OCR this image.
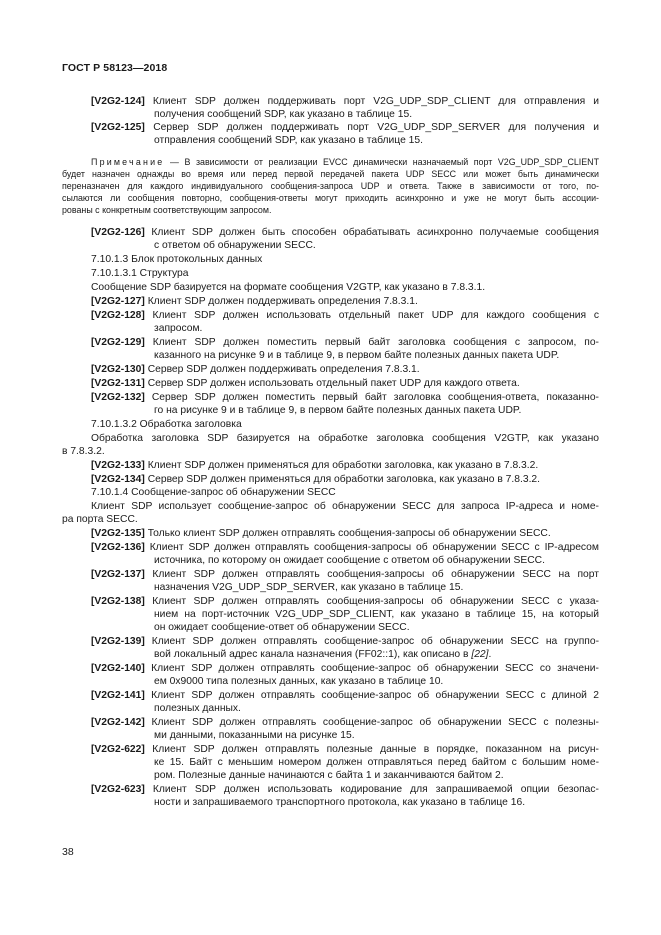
ГОСТ Р 58123—2018
[V2G2-124] Клиент SDP должен поддерживать порт V2G_UDP_SDP_CLIENT для отправления и
получения сообщений SDP, как указано в таблице 15.
[V2G2-125] Сервер SDP должен поддерживать порт V2G_UDP_SDP_SERVER для получения и
отправления сообщений SDP, как указано в таблице 15.
Примечание — В зависимости от реализации EVCC динамически назначаемый порт V2G_UDP_SDP_CLIENT
будет назначен однажды во время или перед первой передачей пакета UDP SECC или может быть динамически
переназначен для каждого индивидуального сообщения-запроса UDP и ответа. Также в зависимости от того, по-
сылаются ли сообщения повторно, сообщения-ответы могут приходить асинхронно и уже не могут быть ассоции-
рованы с конкретным соответствующим запросом.
[V2G2-126] Клиент SDP должен быть способен обрабатывать асинхронно получаемые сообщения
с ответом об обнаружении SECC.
7.10.1.3 Блок протокольных данных
7.10.1.3.1 Структура
Сообщение SDP базируется на формате сообщения V2GTP, как указано в 7.8.3.1.
[V2G2-127] Клиент SDP должен поддерживать определения 7.8.3.1.
[V2G2-128] Клиент SDP должен использовать отдельный пакет UDP для каждого сообщения с
запросом.
[V2G2-129] Клиент SDP должен поместить первый байт заголовка сообщения с запросом, по-
казанного на рисунке 9 и в таблице 9, в первом байте полезных данных пакета UDP.
[V2G2-130] Сервер SDP должен поддерживать определения 7.8.3.1.
[V2G2-131] Сервер SDP должен использовать отдельный пакет UDP для каждого ответа.
[V2G2-132] Сервер SDP должен поместить первый байт заголовка сообщения-ответа, показанно-
го на рисунке 9 и в таблице 9, в первом байте полезных данных пакета UDP.
7.10.1.3.2 Обработка заголовка
Обработка заголовка SDP базируется на обработке заголовка сообщения V2GTP, как указано
в 7.8.3.2.
[V2G2-133] Клиент SDP должен применяться для обработки заголовка, как указано в 7.8.3.2.
[V2G2-134] Сервер SDP должен применяться для обработки заголовка, как указано в 7.8.3.2.
7.10.1.4 Сообщение-запрос об обнаружении SECC
Клиент SDP использует сообщение-запрос об обнаружении SECC для запроса IP-адреса и номе-
ра порта SECC.
[V2G2-135] Только клиент SDP должен отправлять сообщения-запросы об обнаружении SECC.
[V2G2-136] Клиент SDP должен отправлять сообщения-запросы об обнаружении SECC с IP-адресом
источника, по которому он ожидает сообщение с ответом об обнаружении SECC.
[V2G2-137] Клиент SDP должен отправлять сообщения-запросы об обнаружении SECC на порт
назначения V2G_UDP_SDP_SERVER, как указано в таблице 15.
[V2G2-138] Клиент SDP должен отправлять сообщения-запросы об обнаружении SECC с указа-
нием на порт-источник V2G_UDP_SDP_CLIENT, как указано в таблице 15, на который
он ожидает сообщение-ответ об обнаружении SECC.
[V2G2-139] Клиент SDP должен отправлять сообщение-запрос об обнаружении SECC на группо-
вой локальный адрес канала назначения (FF02::1), как описано в [22].
[V2G2-140] Клиент SDP должен отправлять сообщение-запрос об обнаружении SECC со значени-
ем 0x9000 типа полезных данных, как указано в таблице 10.
[V2G2-141] Клиент SDP должен отправлять сообщение-запрос об обнаружении SECC с длиной 2
полезных данных.
[V2G2-142] Клиент SDP должен отправлять сообщение-запрос об обнаружении SECC с полезны-
ми данными, показанными на рисунке 15.
[V2G2-622] Клиент SDP должен отправлять полезные данные в порядке, показанном на рисун-
ке 15. Байт с меньшим номером должен отправляться перед байтом с большим номе-
ром. Полезные данные начинаются с байта 1 и заканчиваются байтом 2.
[V2G2-623] Клиент SDP должен использовать кодирование для запрашиваемой опции безопас-
ности и запрашиваемого транспортного протокола, как указано в таблице 16.
38
